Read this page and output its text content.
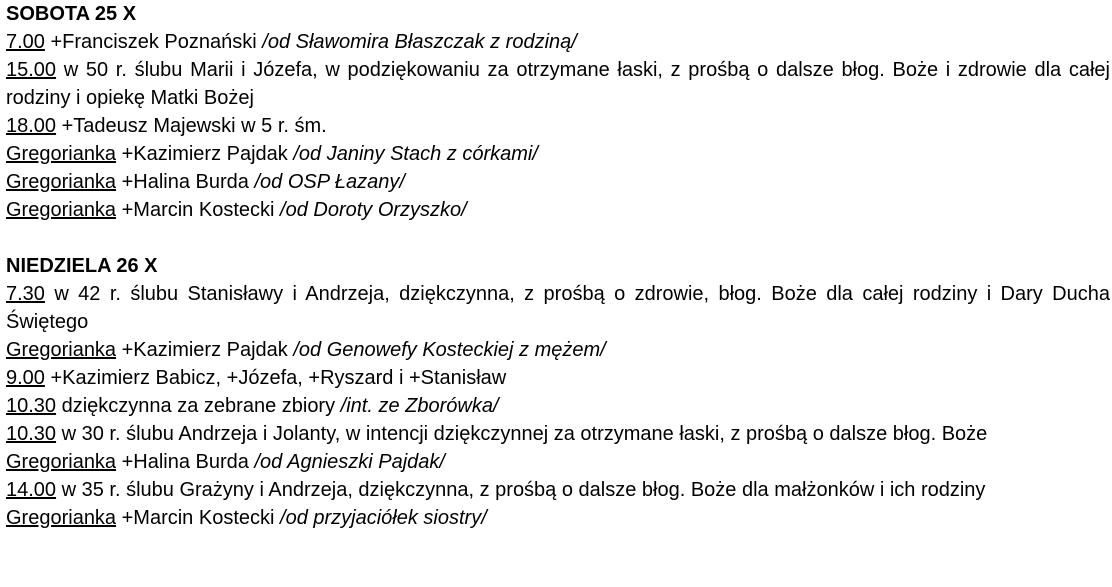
SOBOTA 25 X

7.00 +Franciszek Poznański /od Sławomira Błaszczak z rodziną/

15.00 w 50 r. ślubu Marii i Józefa, w podziękowaniu za otrzymane łaski, z prośbą o dalsze błog. Boże i zdrowie dla całej rodziny i opiekę Matki Bożej

18.00 +Tadeusz Majewski w 5 r. śm.

Gregorianka +Kazimierz Pajdak /od Janiny Stach z córkami/

Gregorianka +Halina Burda /od OSP Łazany/

Gregorianka +Marcin Kostecki /od Doroty Orzyszko/

NIEDZIELA 26 X

7.30 w 42 r. ślubu Stanisławy i Andrzeja, dziękczynna, z prośbą o zdrowie, błog. Boże dla całej rodziny i Dary Ducha Świętego

Gregorianka +Kazimierz Pajdak /od Genowefy Kosteckiej z mężem/

9.00 +Kazimierz Babicz, +Józefa, +Ryszard i +Stanisław

10.30 dziękczynna za zebrane zbiory /int. ze Zborówka/

10.30 w 30 r. ślubu Andrzeja i Jolanty, w intencji dziękczynnej za otrzymane łaski, z prośbą o dalsze błog. Boże

Gregorianka +Halina Burda /od Agnieszki Pajdak/

14.00 w 35 r. ślubu Grażyny i Andrzeja, dziękczynna, z prośbą o dalsze błog. Boże dla małżonków i ich rodziny

Gregorianka +Marcin Kostecki /od przyjaciółek siostry/
